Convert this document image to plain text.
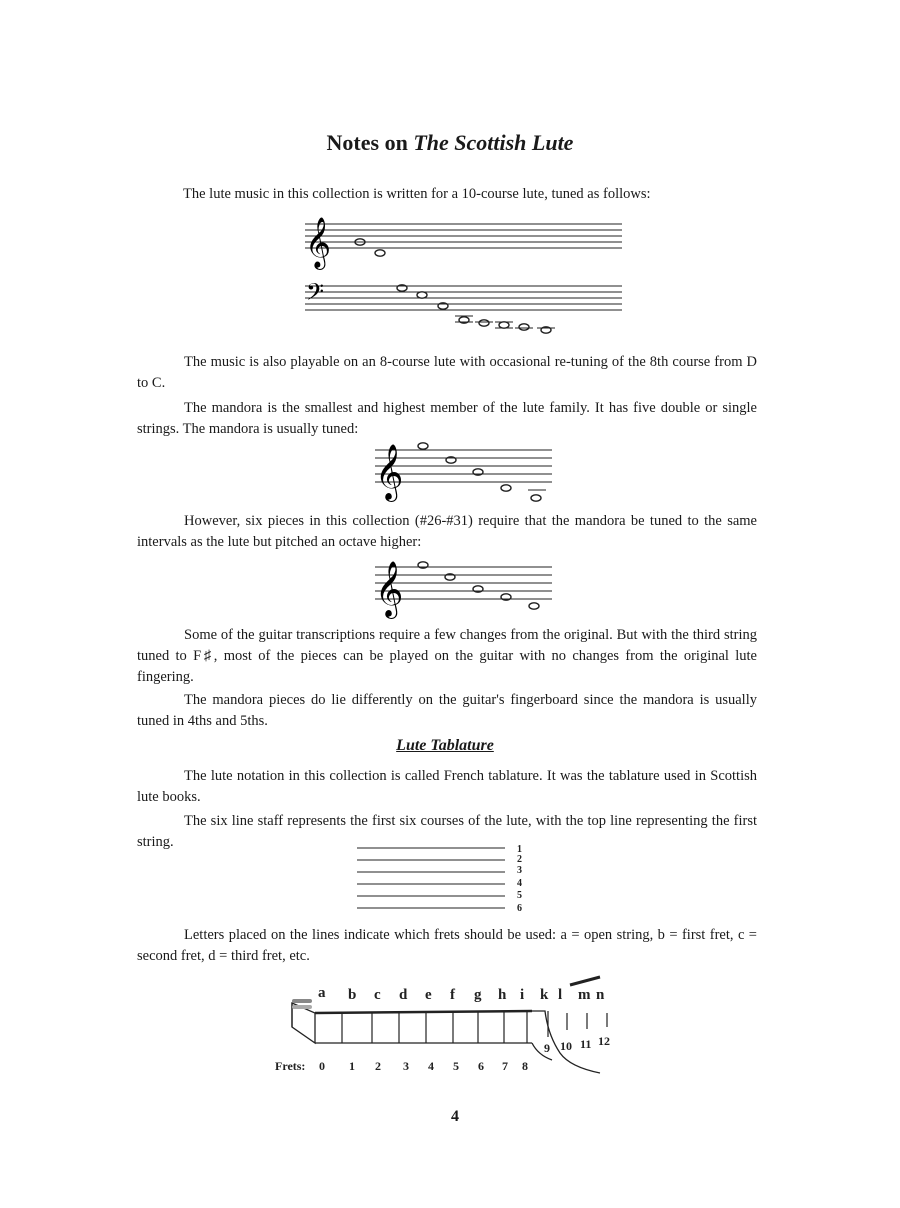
Notes on The Scottish Lute
The lute music in this collection is written for a 10-course lute, tuned as follows:
𝄞
𝄢
The music is also playable on an 8-course lute with occasional re-tuning of the 8th course from D to C.
The mandora is the smallest and highest member of the lute family. It has five double or single strings. The mandora is usually tuned:
𝄞
However, six pieces in this collection (#26-#31) require that the mandora be tuned to the same intervals as the lute but pitched an octave higher:
𝄞
Some of the guitar transcriptions require a few changes from the original. But with the third string tuned to F♯, most of the pieces can be played on the guitar with no changes from the original lute fingering.
The mandora pieces do lie differently on the guitar's fingerboard since the mandora is usually tuned in 4ths and 5ths.
Lute Tablature
The lute notation in this collection is called French tablature. It was the tablature used in Scottish lute books.
The six line staff represents the first six courses of the lute, with the top line representing the first string.	1
2
3
4
5
6
Letters placed on the lines indicate which frets should be used: a = open string, b = first fret, c = second fret, d = third fret, etc.
a b c d e f g h i k l m n
Frets: 0 1 2 3 4 5 6 7 8
9 10 11 12
4
